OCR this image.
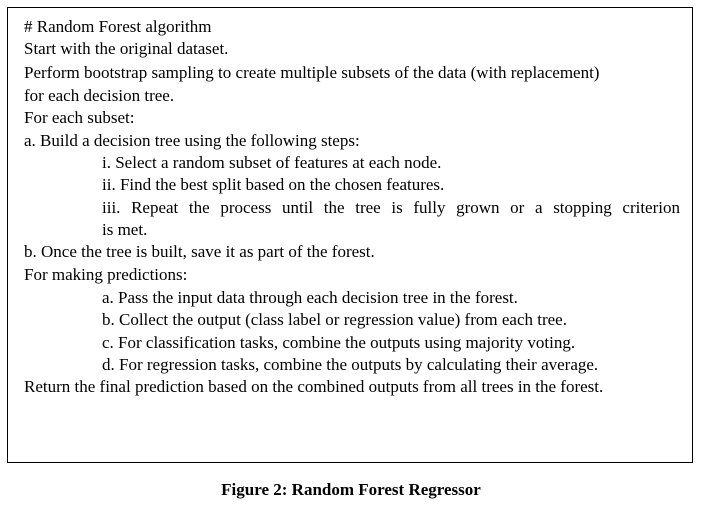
# Random Forest algorithm
Start with the original dataset.
Perform bootstrap sampling to create multiple subsets of the data (with replacement)
for each decision tree.
For each subset:
a. Build a decision tree using the following steps:
i. Select a random subset of features at each node.
ii. Find the best split based on the chosen features.
iii. Repeat the process until the tree is fully grown or a stopping criterion
is met.
b. Once the tree is built, save it as part of the forest.
For making predictions:
a. Pass the input data through each decision tree in the forest.
b. Collect the output (class label or regression value) from each tree.
c. For classification tasks, combine the outputs using majority voting.
d. For regression tasks, combine the outputs by calculating their average.
Return the final prediction based on the combined outputs from all trees in the forest.
Figure 2: Random Forest Regressor
